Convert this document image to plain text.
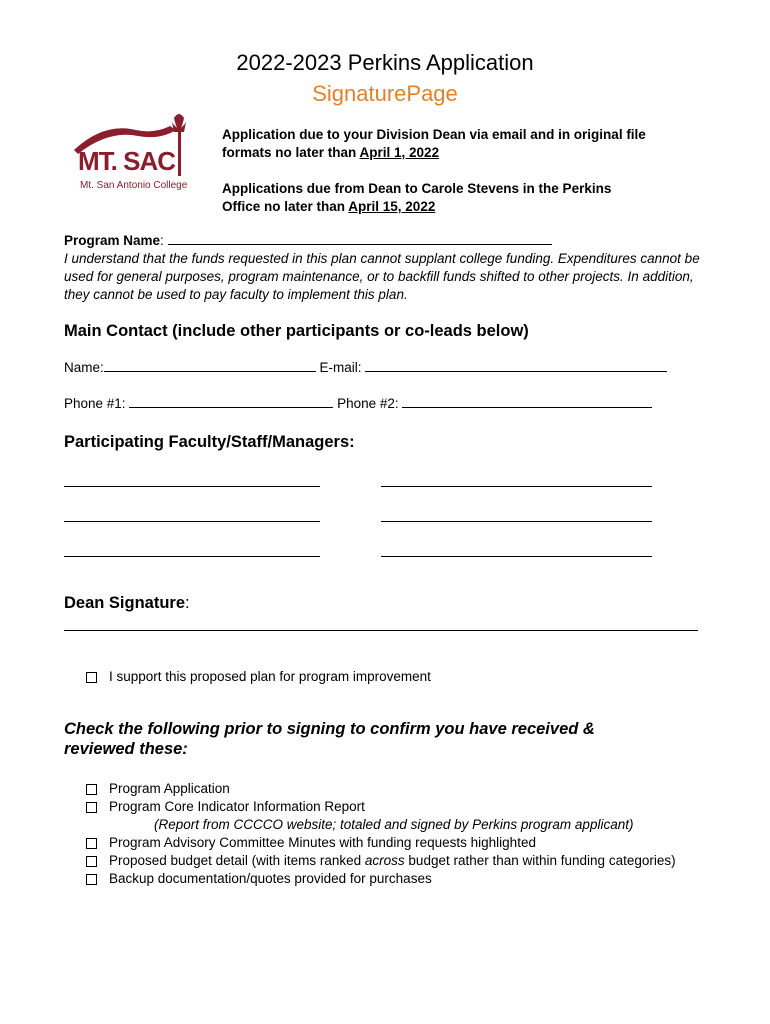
2022-2023 Perkins Application
SignaturePage
MT. SAC
Mt. San Antonio College
Application due to your Division Dean via email and in original file
formats no later than April 1, 2022
Applications due from Dean to Carole Stevens in the Perkins
Office no later than April 15, 2022
Program Name:
I understand that the funds requested in this plan cannot supplant college funding. Expenditures cannot be used for general purposes, program maintenance, or to backfill funds shifted to other projects. In addition, they cannot be used to pay faculty to implement this plan.
Main Contact (include other participants or co-leads below)
Name:	E-mail:
Phone #1:	Phone #2:
Participating Faculty/Staff/Managers:
Dean Signature:
I support this proposed plan for program improvement
Check the following prior to signing to confirm you have received &
reviewed these:
Program Application
Program Core Indicator Information Report
(Report from CCCCO website; totaled and signed by Perkins program applicant)
Program Advisory Committee Minutes with funding requests highlighted
Proposed budget detail (with items ranked across budget rather than within funding categories)
Backup documentation/quotes provided for purchases
